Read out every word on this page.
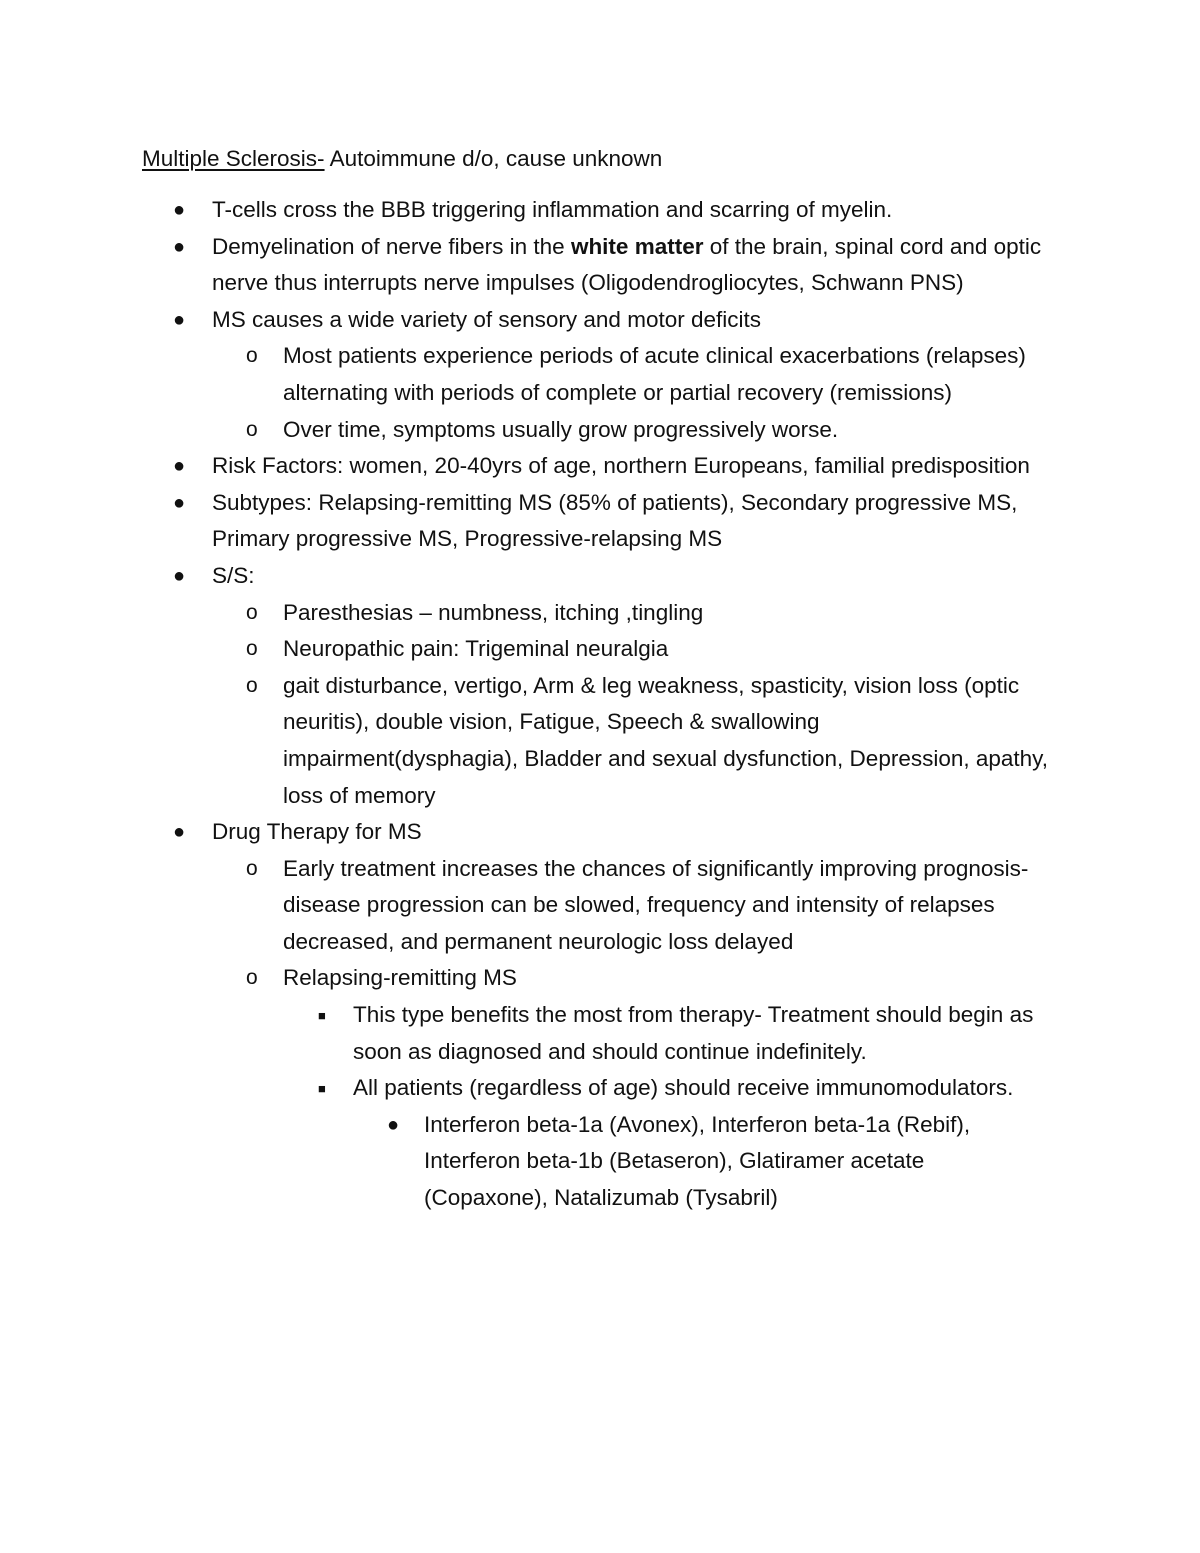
Multiple Sclerosis- Autoimmune d/o, cause unknown
● T-cells cross the BBB triggering inflammation and scarring of myelin.
● Demyelination of nerve fibers in the white matter of the brain, spinal cord and optic nerve thus interrupts nerve impulses (Oligodendrogliocytes, Schwann PNS)
● MS causes a wide variety of sensory and motor deficits
o Most patients experience periods of acute clinical exacerbations (relapses) alternating with periods of complete or partial recovery (remissions)
o Over time, symptoms usually grow progressively worse.
● Risk Factors: women, 20-40yrs of age, northern Europeans, familial predisposition
● Subtypes: Relapsing-remitting MS (85% of patients), Secondary progressive MS, Primary progressive MS, Progressive-relapsing MS
● S/S:
o Paresthesias – numbness, itching ,tingling
o Neuropathic pain: Trigeminal neuralgia
o gait disturbance, vertigo, Arm & leg weakness, spasticity, vision loss (optic neuritis), double vision, Fatigue, Speech & swallowing impairment(dysphagia), Bladder and sexual dysfunction, Depression, apathy, loss of memory
● Drug Therapy for MS
o Early treatment increases the chances of significantly improving prognosis- disease progression can be slowed, frequency and intensity of relapses decreased, and permanent neurologic loss delayed
o Relapsing-remitting MS
■ This type benefits the most from therapy- Treatment should begin as soon as diagnosed and should continue indefinitely.
■ All patients (regardless of age) should receive immunomodulators.
● Interferon beta-1a (Avonex), Interferon beta-1a (Rebif), Interferon beta-1b (Betaseron), Glatiramer acetate (Copaxone), Natalizumab (Tysabril)
